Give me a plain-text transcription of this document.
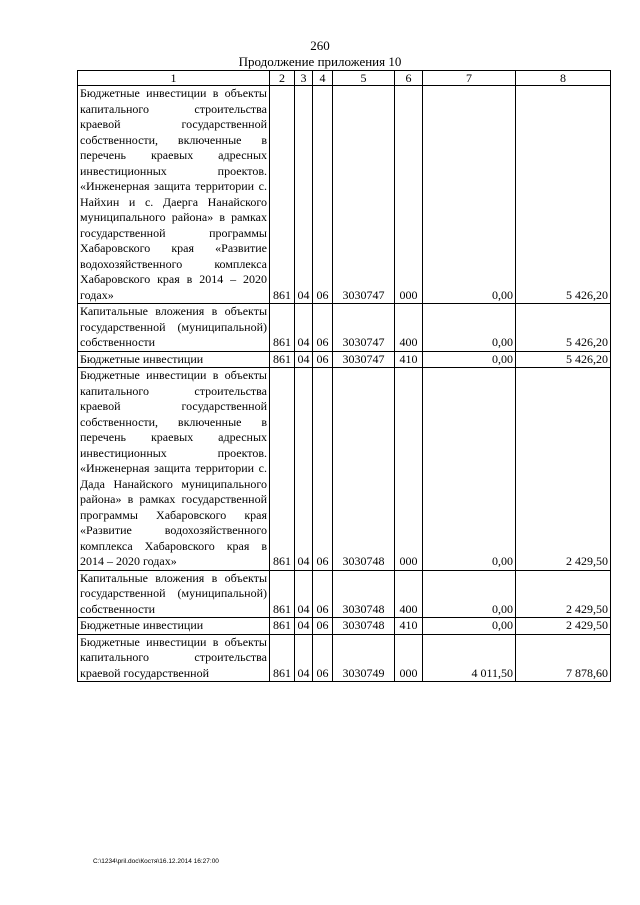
260
Продолжение приложения 10
1	2	3	4	5	6	7	8
Бюджетные инвестиции в объекты капитального строительства краевой государственной собственности, включенные в перечень краевых адресных инвестиционных проектов. «Инженерная защита территории с. Найхин и с. Даерга Нанайского муниципального района» в рамках государственной программы Хабаровского края «Развитие водохозяйственного комплекса Хабаровского края в 2014 – 2020 годах»	861	04	06	3030747	000	0,00	5 426,20
Капитальные вложения в объекты государственной (муниципальной) собственности	861	04	06	3030747	400	0,00	5 426,20
Бюджетные инвестиции	861	04	06	3030747	410	0,00	5 426,20
Бюджетные инвестиции в объекты капитального строительства краевой государственной собственности, включенные в перечень краевых адресных инвестиционных проектов. «Инженерная защита территории с. Дада Нанайского муниципального района» в рамках государственной программы Хабаровского края «Развитие водохозяйственного комплекса Хабаровского края в 2014 – 2020 годах»	861	04	06	3030748	000	0,00	2 429,50
Капитальные вложения в объекты государственной (муниципальной) собственности	861	04	06	3030748	400	0,00	2 429,50
Бюджетные инвестиции	861	04	06	3030748	410	0,00	2 429,50
Бюджетные инвестиции в объекты капитального строительства краевой государственной	861	04	06	3030749	000	4 011,50	7 878,60
C:\1234\pril.doc\Костя\16.12.2014 16:27:00
